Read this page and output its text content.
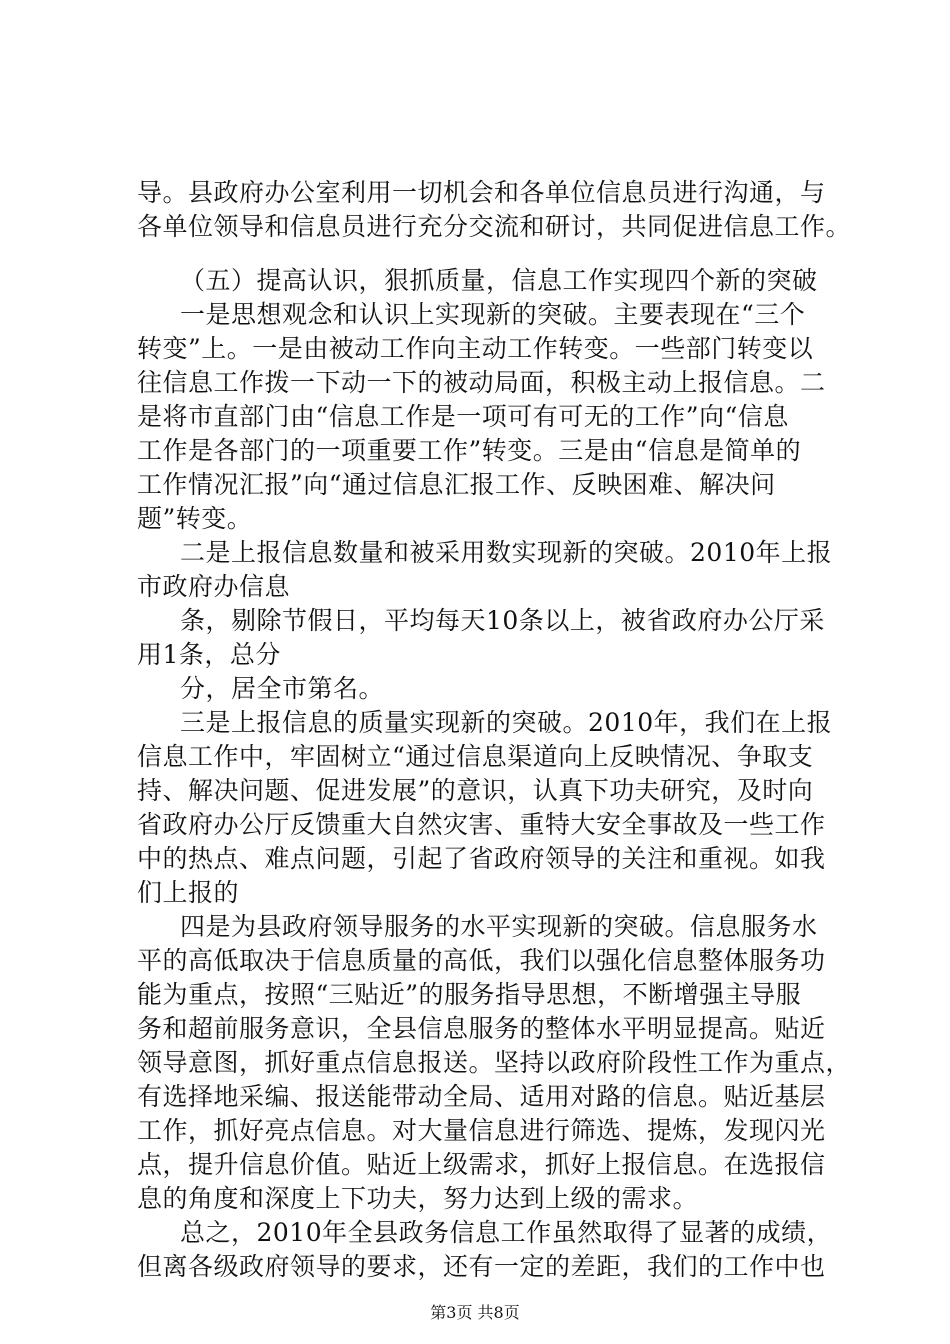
导。县政府办公室利用一切机会和各单位信息员进行沟通，与
各单位领导和信息员进行充分交流和研讨，共同促进信息工作。
（五）提高认识，狠抓质量，信息工作实现四个新的突破
一是思想观念和认识上实现新的突破。主要表现在“三个
转变”上。一是由被动工作向主动工作转变。一些部门转变以
往信息工作拨一下动一下的被动局面，积极主动上报信息。二
是将市直部门由“信息工作是一项可有可无的工作”向“信息
工作是各部门的一项重要工作”转变。三是由“信息是简单的
工作情况汇报”向“通过信息汇报工作、反映困难、解决问
题”转变。
二是上报信息数量和被采用数实现新的突破。2010年上报
市政府办信息
条，剔除节假日，平均每天10条以上，被省政府办公厅采
用1条，总分
分，居全市第名。
三是上报信息的质量实现新的突破。2010年，我们在上报
信息工作中，牢固树立“通过信息渠道向上反映情况、争取支
持、解决问题、促进发展”的意识，认真下功夫研究，及时向
省政府办公厅反馈重大自然灾害、重特大安全事故及一些工作
中的热点、难点问题，引起了省政府领导的关注和重视。如我
们上报的
四是为县政府领导服务的水平实现新的突破。信息服务水
平的高低取决于信息质量的高低，我们以强化信息整体服务功
能为重点，按照“三贴近”的服务指导思想，不断增强主导服
务和超前服务意识，全县信息服务的整体水平明显提高。贴近
领导意图，抓好重点信息报送。坚持以政府阶段性工作为重点，
有选择地采编、报送能带动全局、适用对路的信息。贴近基层
工作，抓好亮点信息。对大量信息进行筛选、提炼，发现闪光
点，提升信息价值。贴近上级需求，抓好上报信息。在选报信
息的角度和深度上下功夫，努力达到上级的需求。
总之，2010年全县政务信息工作虽然取得了显著的成绩，
但离各级政府领导的要求，还有一定的差距，我们的工作中也
第3页 共8页
